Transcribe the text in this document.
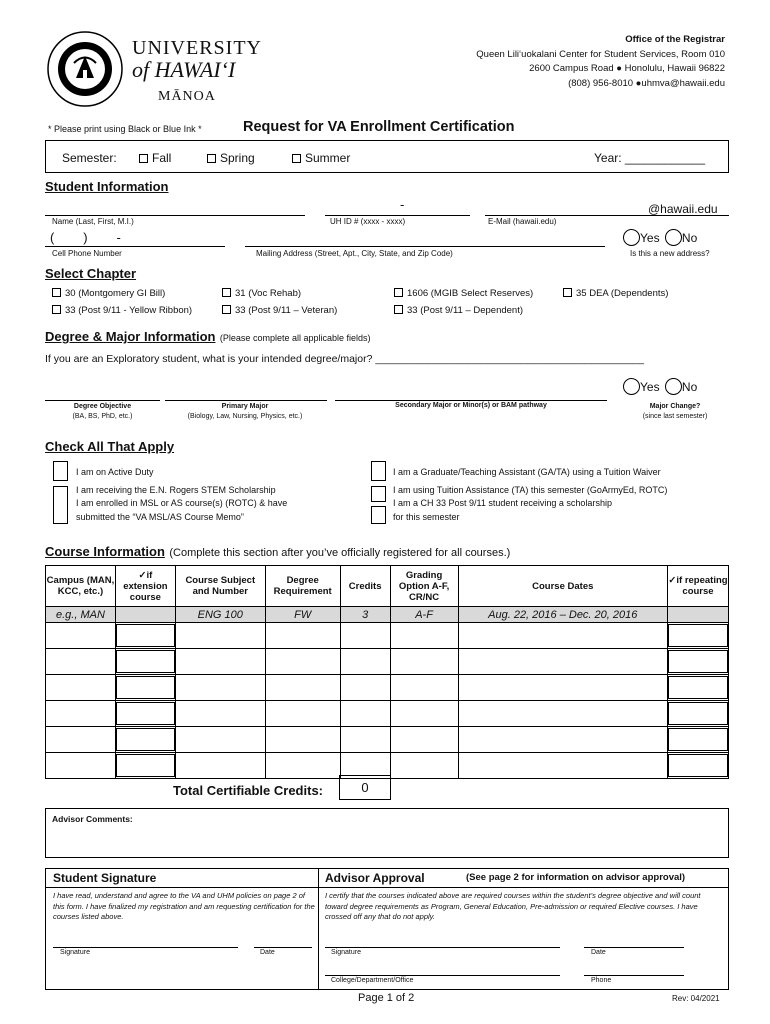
UNIVERSITY
of HAWAI‘I
MĀNOA
Office of the Registrar
Queen Lili‘uokalani Center for Student Services, Room 010
2600 Campus Road ● Honolulu, Hawaii 96822
(808) 956-8010 ●uhmva@hawaii.edu
* Please print using Black or Blue Ink *	Request for VA Enrollment Certification
Semester:	Fall	Spring	Summer	Year: ____________
Student Information
-	@hawaii.edu
Name (Last, First, M.I.)	UH ID # (xxxx - xxxx)	E-Mail (hawaii.edu)
(        )        -
Cell Phone Number	Mailing Address (Street, Apt., City, State, and Zip Code)
Yes No
Is this a new address?
Select Chapter
30 (Montgomery GI Bill)	31 (Voc Rehab)	1606 (MGIB Select Reserves)	35 DEA (Dependents)
33 (Post 9/11 - Yellow Ribbon)	33 (Post 9/11 – Veteran)	33 (Post 9/11 – Dependent)
Degree & Major Information (Please complete all applicable fields)
If you are an Exploratory student, what is your intended degree/major? ______________________________________________
Yes No
Degree Objective
(BA, BS, PhD, etc.)
Primary Major
(Biology, Law, Nursing, Physics, etc.)
Secondary Major or Minor(s) or BAM pathway	Major Change?
(since last semester)
Check All That Apply
I am on Active Duty
I am receiving the E.N. Rogers STEM Scholarship
I am enrolled in MSL or AS course(s) (ROTC) & have
submitted the “VA MSL/AS Course Memo”
I am a Graduate/Teaching Assistant (GA/TA) using a Tuition Waiver
I am using Tuition Assistance (TA) this semester (GoArmyEd, ROTC)
I am a CH 33 Post 9/11 student receiving a scholarship
for this semester
Course Information (Complete this section after you’ve officially registered for all courses.)
Campus (MAN, KCC, etc.)	✓if extension course	Course Subject and Number	Degree Requirement	Credits	Grading Option A-F, CR/NC	Course Dates	✓if repeating course
e.g., MAN		ENG 100	FW	3	A-F	Aug. 22, 2016 – Dec. 20, 2016	

Total Certifiable Credits:	0
Advisor Comments:
Student Signature
I have read, understand and agree to the VA and UHM policies on page 2 of this form. I have finalized my registration and am requesting certification for the courses listed above.
Signature	Date
Advisor Approval	(See page 2 for information on advisor approval)
I certify that the courses indicated above are required courses within the student’s degree objective and will count toward degree requirements as Program, General Education, Pre-admission or required Elective courses. I have crossed off any that do not apply.
Signature	Date
College/Department/Office	Phone
Page 1 of 2	Rev: 04/2021
